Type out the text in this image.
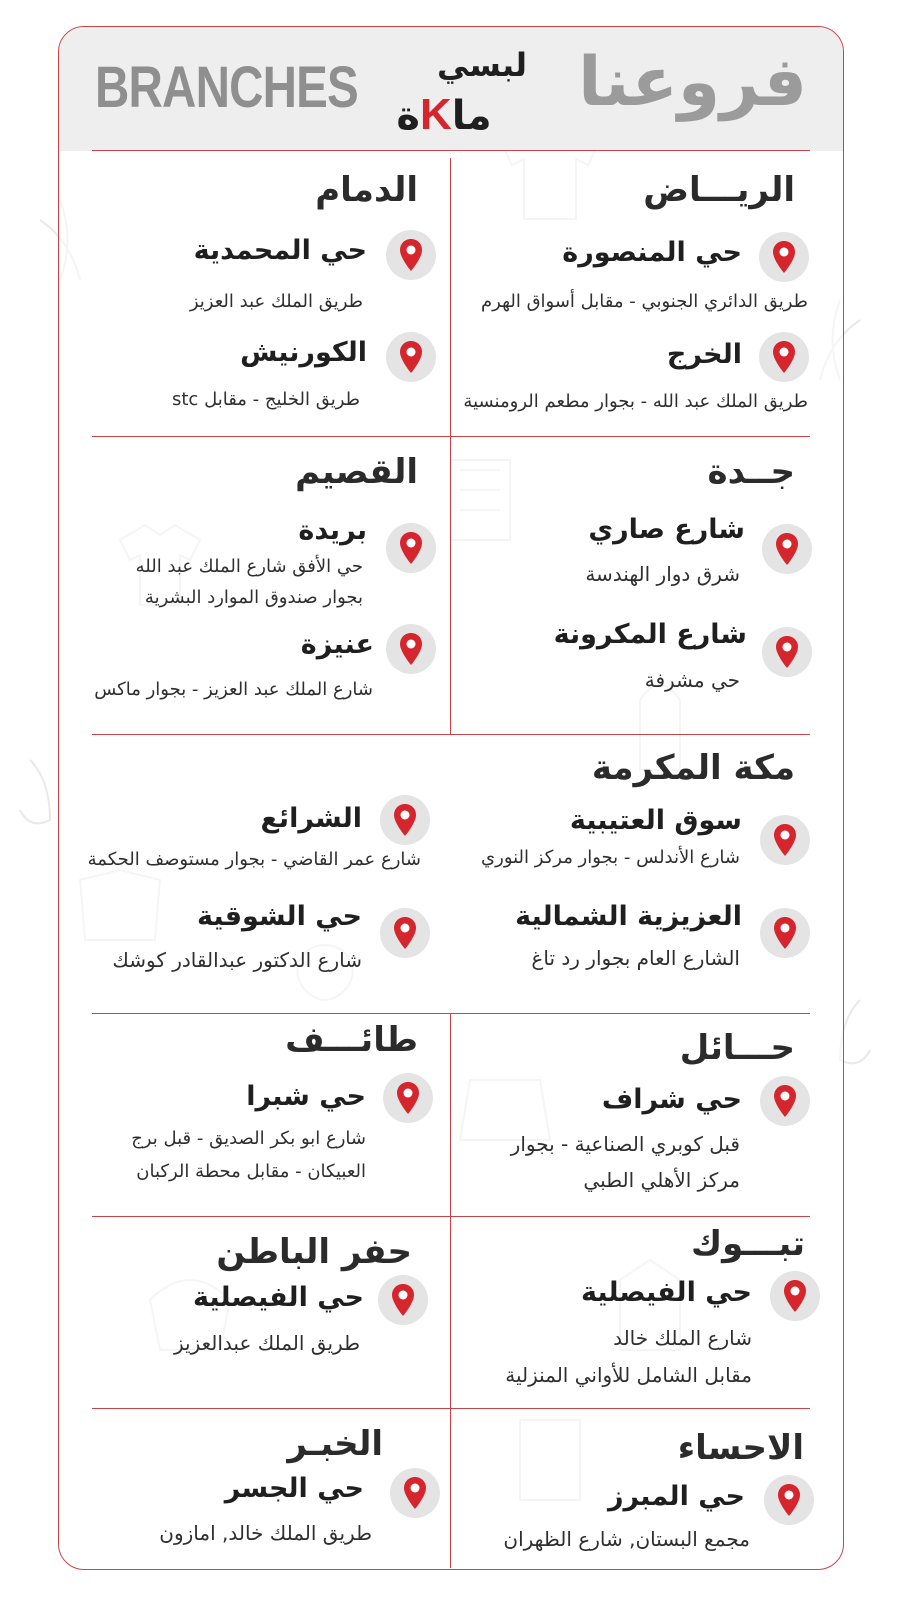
BRANCHES لبسي
ماKة	فروعنا
الريـــاض
حي المنصورة
طريق الدائري الجنوبي - مقابل أسواق الهرم
الخرج
طريق الملك عبد الله - بجوار مطعم الرومنسية
الدمام
حي المحمدية
طريق الملك عبد العزيز
الكورنيش
طريق الخليج - مقابل stc
جــدة
شارع صاري
شرق دوار الهندسة
شارع المكرونة
حي مشرفة
القصيم
بريدة
حي الأفق شارع الملك عبد الله
بجوار صندوق الموارد البشرية
عنيزة
شارع الملك عبد العزيز - بجوار ماكس
مكة المكرمة
سوق العتيبية
شارع الأندلس - بجوار مركز النوري
الشرائع
شارع عمر القاضي - بجوار مستوصف الحكمة
العزيزية الشمالية
الشارع العام بجوار رد تاغ
حي الشوقية
شارع الدكتور عبدالقادر كوشك
حـــائل
حي شراف
قبل كوبري الصناعية - بجوار
مركز الأهلي الطبي
طائـــف
حي شبرا
شارع ابو بكر الصديق - قبل برج
العبيكان - مقابل محطة الركبان
تبـــوك
حي الفيصلية
شارع الملك خالد
مقابل الشامل للأواني المنزلية
حفر الباطن
حي الفيصلية
طريق الملك عبدالعزيز
الاحساء
حي المبرز
مجمع البستان, شارع الظهران
الخبـر
حي الجسر
طريق الملك خالد, امازون
